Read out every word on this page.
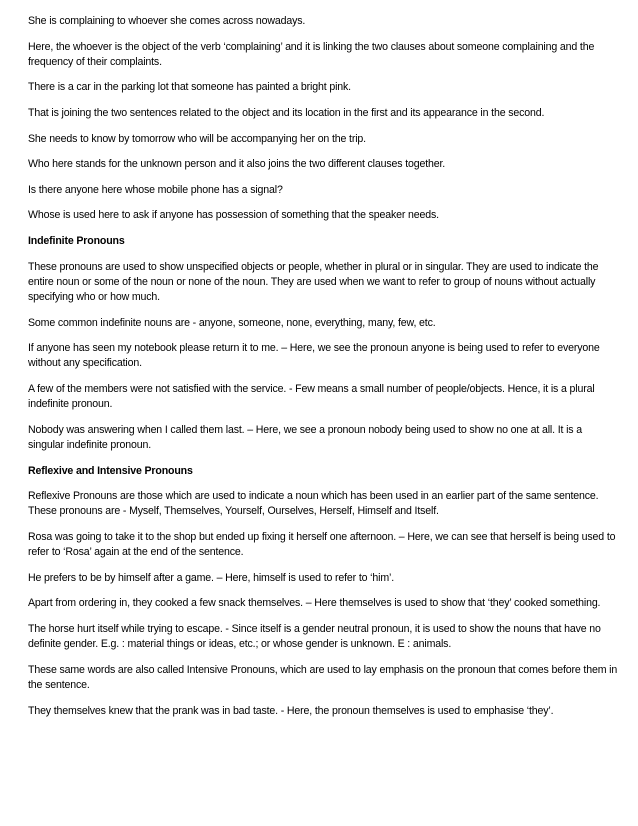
She is complaining to whoever she comes across nowadays.

Here, the whoever is the object of the verb ‘complaining’ and it is linking the two clauses about someone complaining and the frequency of their complaints.

There is a car in the parking lot that someone has painted a bright pink.

That is joining the two sentences related to the object and its location in the first and its appearance in the second.

She needs to know by tomorrow who will be accompanying her on the trip.

Who here stands for the unknown person and it also joins the two different clauses together.

Is there anyone here whose mobile phone has a signal?

Whose is used here to ask if anyone has possession of something that the speaker needs.

Indefinite Pronouns

These pronouns are used to show unspecified objects or people, whether in plural or in singular. They are used to indicate the entire noun or some of the noun or none of the noun. They are used when we want to refer to group of nouns without actually specifying who or how much.

Some common indefinite nouns are - anyone, someone, none, everything, many, few, etc.

If anyone has seen my notebook please return it to me. – Here, we see the pronoun anyone is being used to refer to everyone without any specification.

A few of the members were not satisfied with the service. - Few means a small number of people/objects. Hence, it is a plural indefinite pronoun.

Nobody was answering when I called them last. – Here, we see a pronoun nobody being used to show no one at all. It is a singular indefinite pronoun.

Reflexive and Intensive Pronouns

Reflexive Pronouns are those which are used to indicate a noun which has been used in an earlier part of the same sentence. These pronouns are - Myself, Themselves, Yourself, Ourselves, Herself, Himself and Itself.

Rosa was going to take it to the shop but ended up fixing it herself one afternoon. – Here, we can see that herself is being used to refer to ‘Rosa’ again at the end of the sentence.

He prefers to be by himself after a game. – Here, himself is used to refer to ‘him’.

Apart from ordering in, they cooked a few snack themselves. – Here themselves is used to show that ‘they’ cooked something.

The horse hurt itself while trying to escape. - Since itself is a gender neutral pronoun, it is used to show the nouns that have no definite gender. E.g. : material things or ideas, etc.; or whose gender is unknown. E : animals.

These same words are also called Intensive Pronouns, which are used to lay emphasis on the pronoun that comes before them in the sentence.

They themselves knew that the prank was in bad taste. - Here, the pronoun themselves is used to emphasise ‘they’.
